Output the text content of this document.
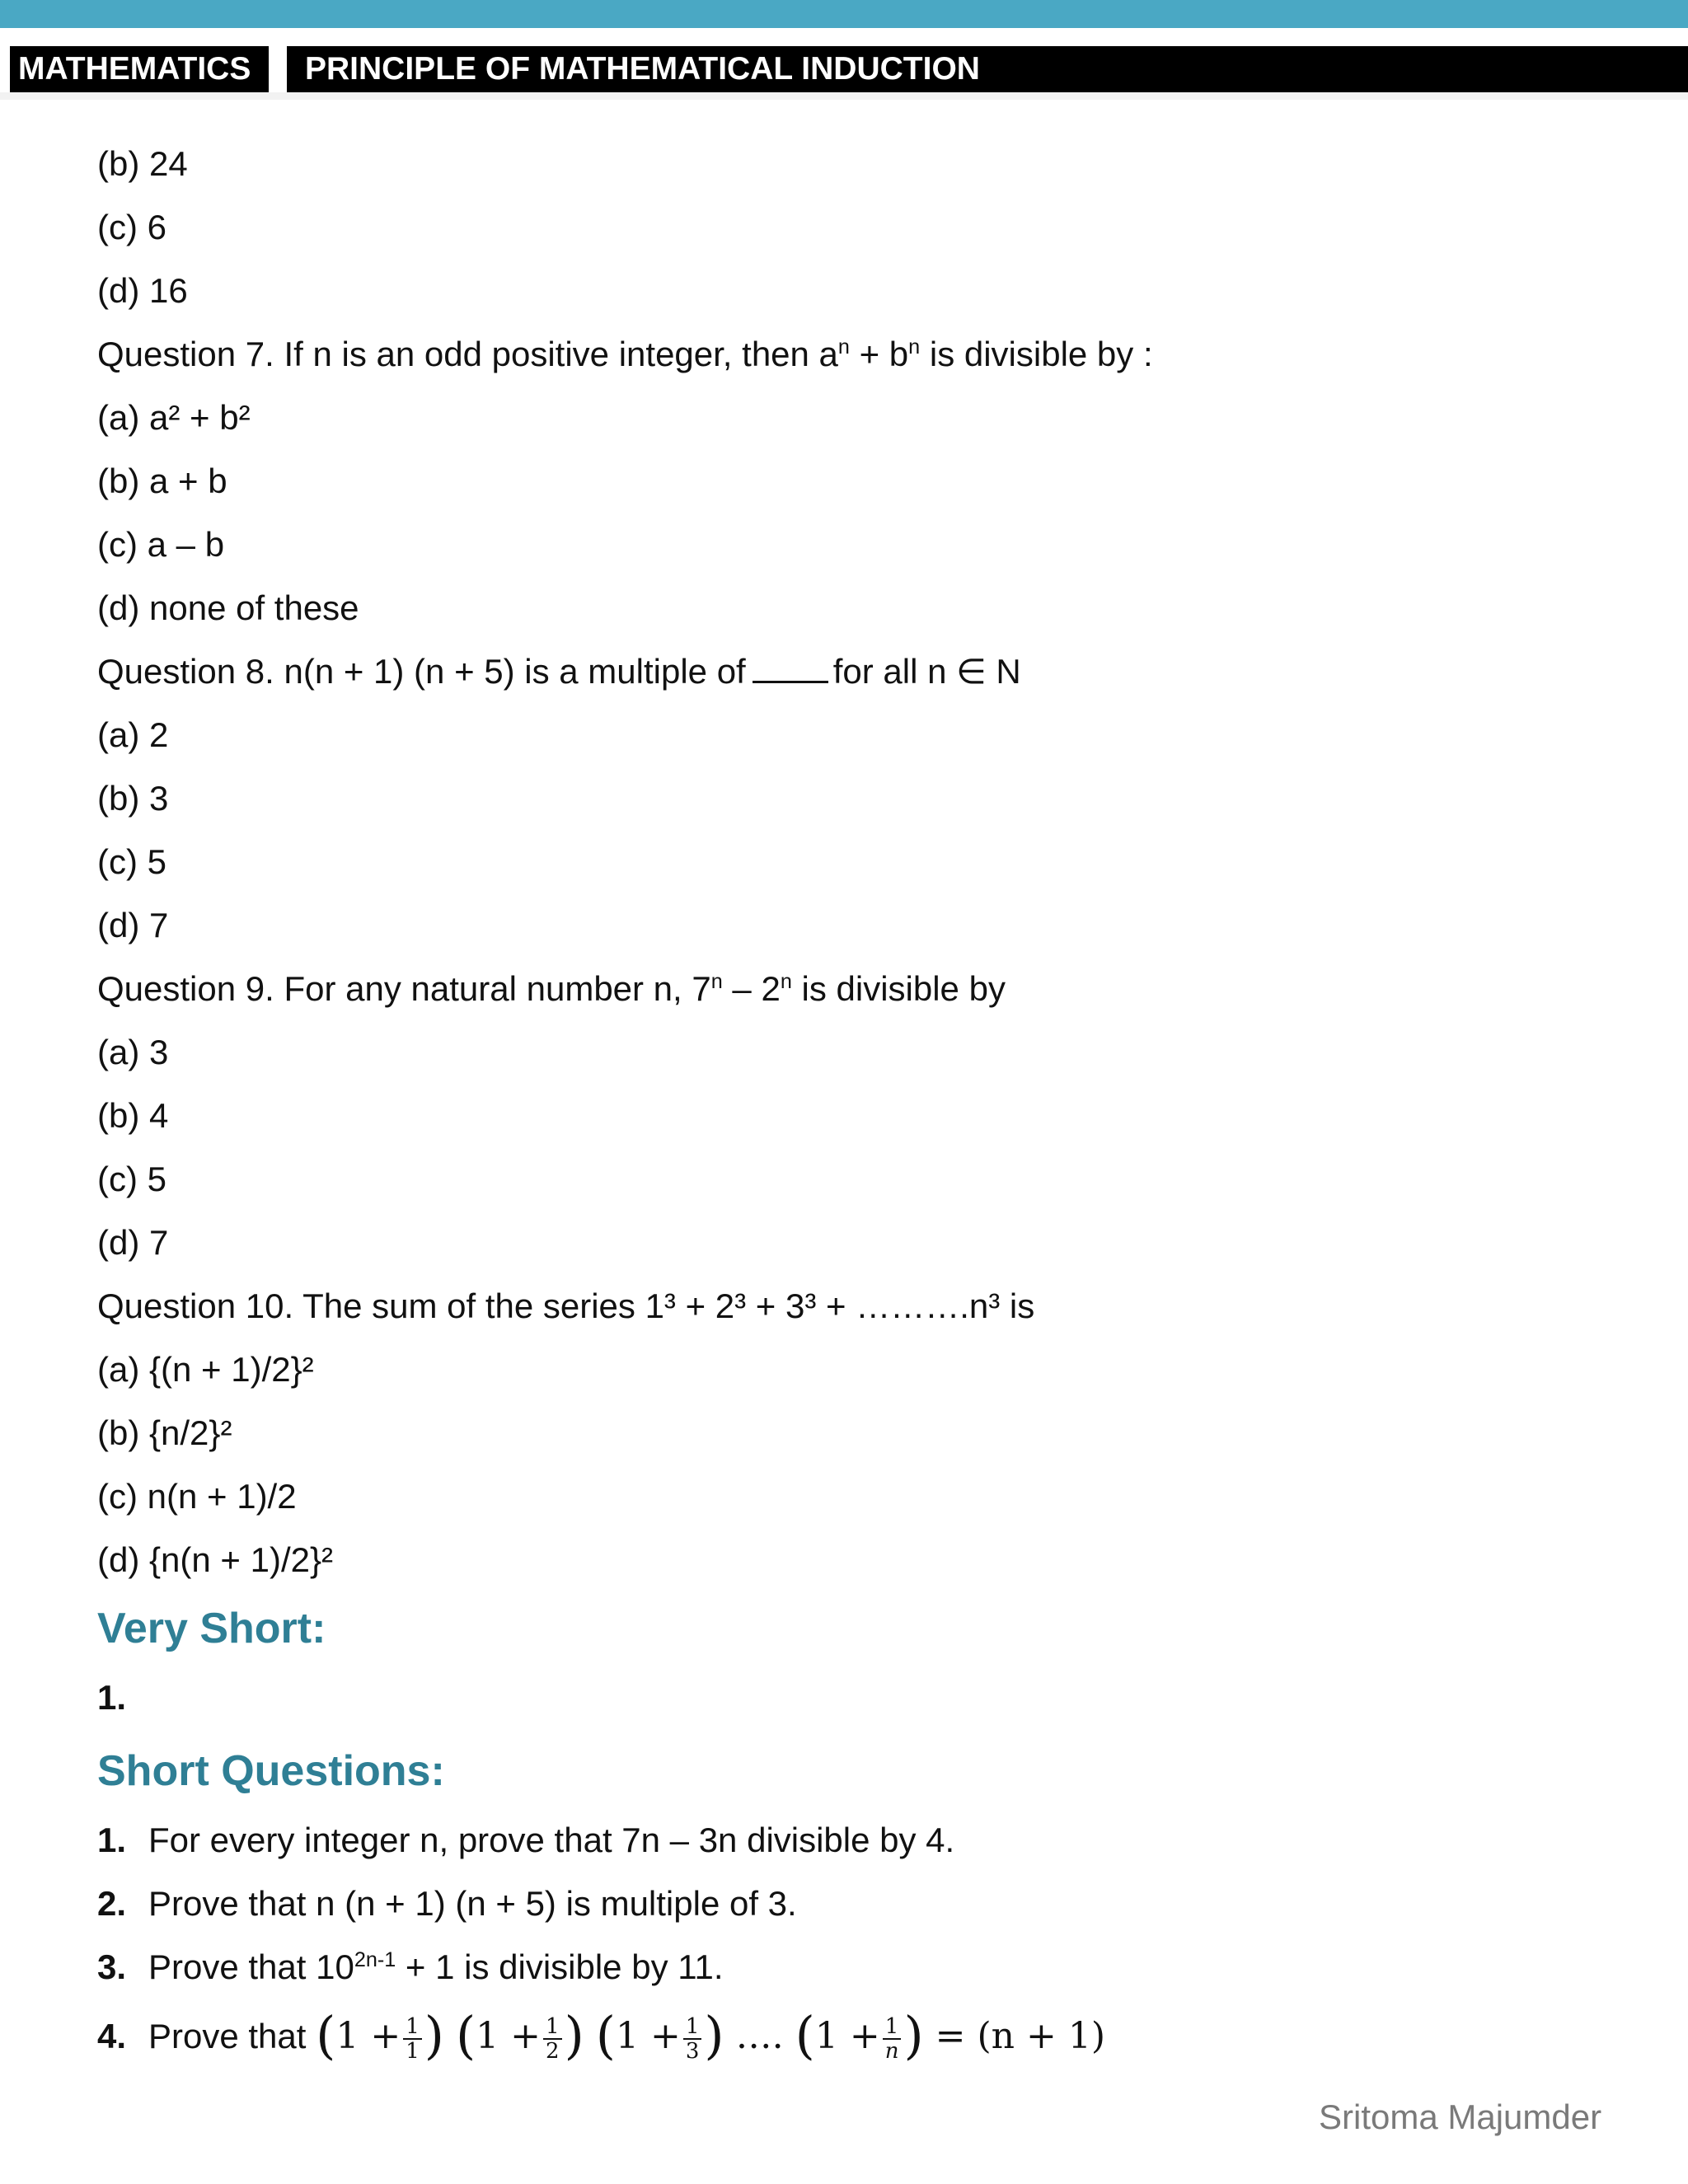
MATHEMATICS	PRINCIPLE OF MATHEMATICAL INDUCTION
(b) 24
(c) 6
(d) 16
Question 7. If n is an odd positive integer, then $a^n + b^n$ is divisible by :
(a) a² + b²
(b) a + b
(c) a – b
(d) none of these
Question 8. n(n + 1) (n + 5) is a multiple of	for all n ∈ N
(a) 2
(b) 3
(c) 5
(d) 7
Question 9. For any natural number n, 7$^n$ – 2$^n$ is divisible by
(a) 3
(b) 4
(c) 5
(d) 7
Question 10. The sum of the series 1³ + 2³ + 3³ + ……….n³ is
(a) {(n + 1)/2}²
(b) {n/2}²
(c) n(n + 1)/2
(d) {n(n + 1)/2}²
Very Short:
1.
Short Questions:
1. For every integer n, prove that 7n – 3n divisible by 4.
2. Prove that n (n + 1) (n + 5) is multiple of 3.
3. Prove that $10^{2n-1} + 1$ is divisible by 11.
4. Prove that ($1 + \frac{1}{1}$ ) ($1 + \frac{1}{2}$ ) ($1 + \frac{1}{3}$ ) …. ($1 + \frac{1}{n}$ ) = (n + 1)
Sritoma Majumder
